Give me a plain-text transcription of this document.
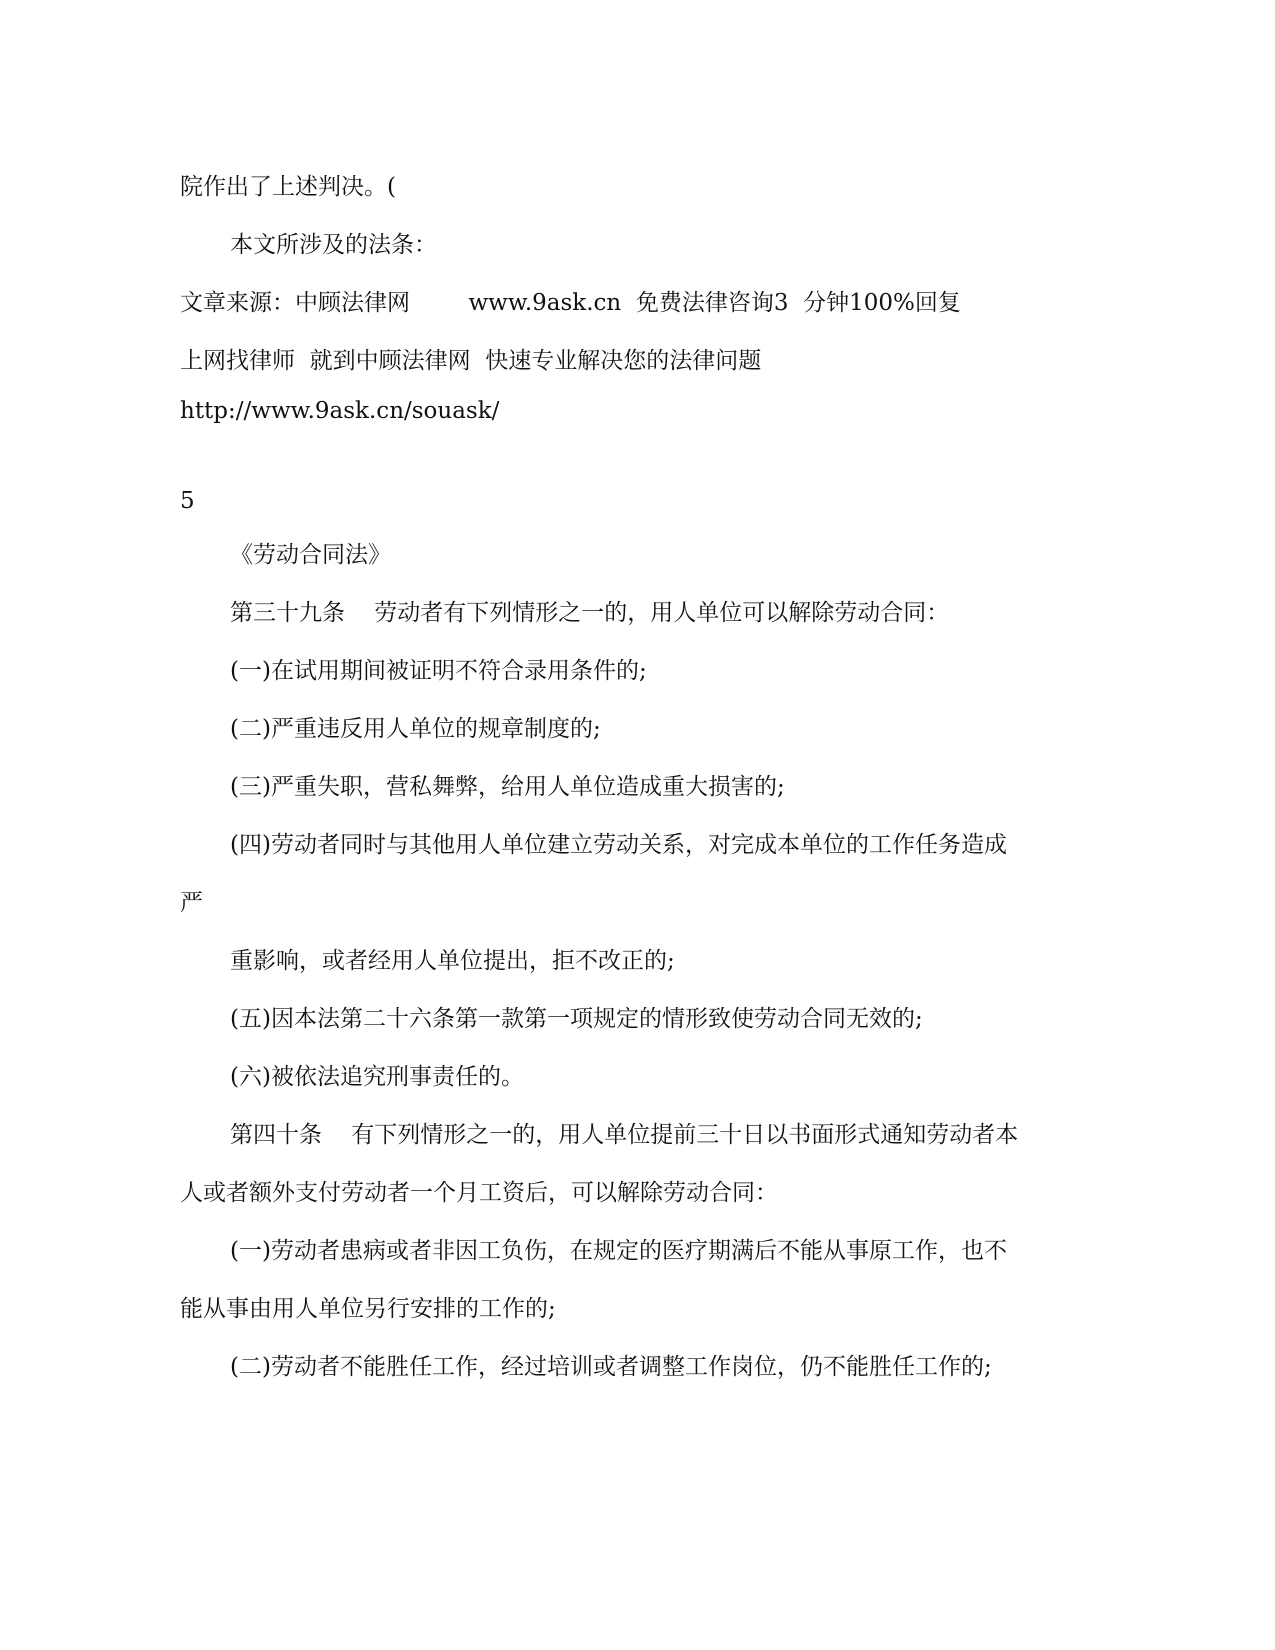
院作出了上述判决。(
本文所涉及的法条：
文章来源：中顾法律网        www.9ask.cn  免费法律咨询3  分钟100%回复
上网找律师  就到中顾法律网  快速专业解决您的法律问题
http://www.9ask.cn/souask/
5
《劳动合同法》
第三十九条    劳动者有下列情形之一的，用人单位可以解除劳动合同：
(一)在试用期间被证明不符合录用条件的;
(二)严重违反用人单位的规章制度的;
(三)严重失职，营私舞弊，给用人单位造成重大损害的;
(四)劳动者同时与其他用人单位建立劳动关系，对完成本单位的工作任务造成
严
重影响，或者经用人单位提出，拒不改正的;
(五)因本法第二十六条第一款第一项规定的情形致使劳动合同无效的;
(六)被依法追究刑事责任的。
第四十条    有下列情形之一的，用人单位提前三十日以书面形式通知劳动者本
人或者额外支付劳动者一个月工资后，可以解除劳动合同：
(一)劳动者患病或者非因工负伤，在规定的医疗期满后不能从事原工作，也不
能从事由用人单位另行安排的工作的;
(二)劳动者不能胜任工作，经过培训或者调整工作岗位，仍不能胜任工作的;
